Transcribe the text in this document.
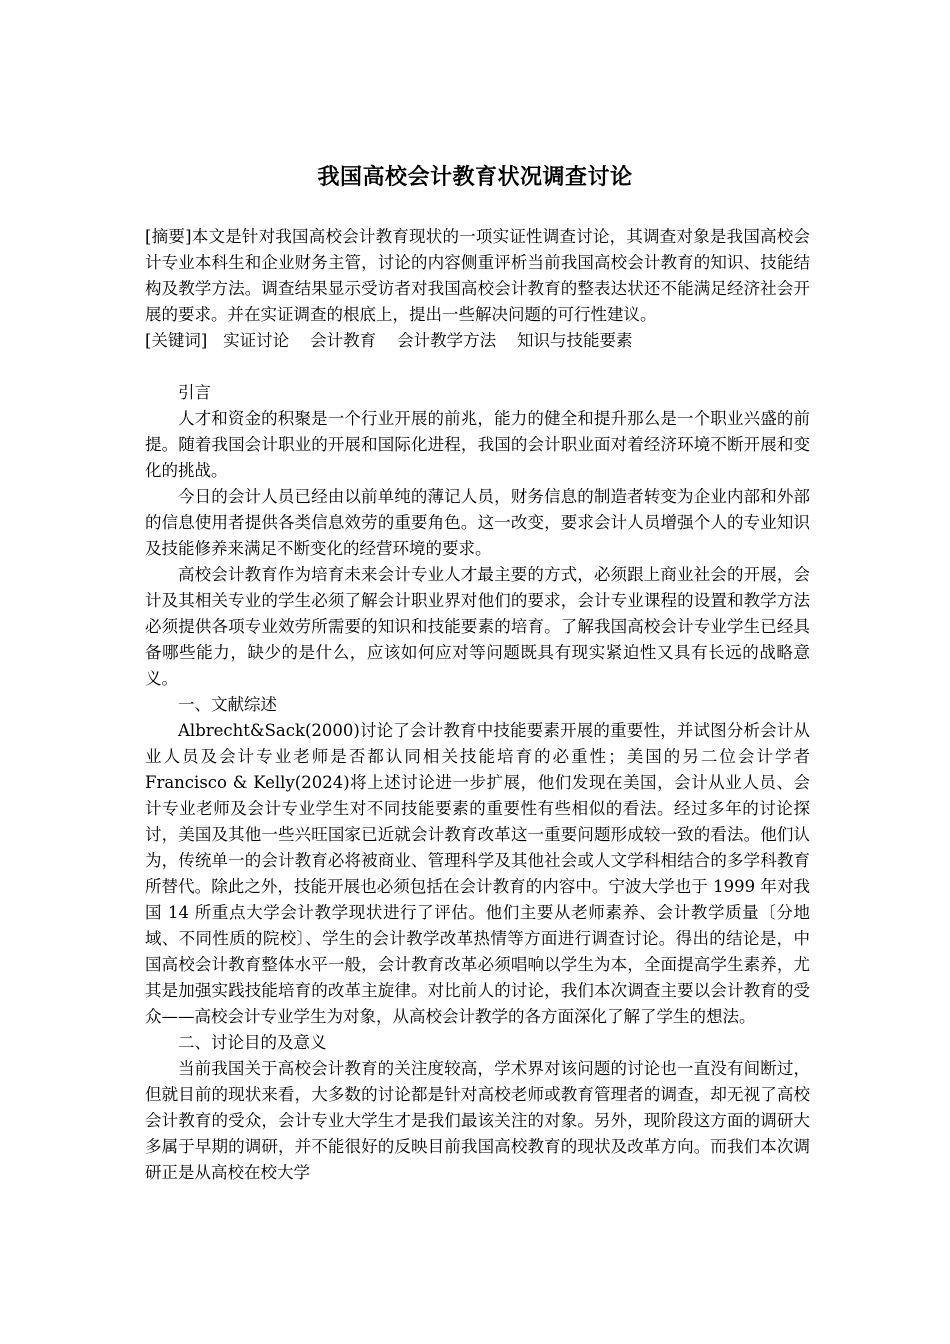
我国高校会计教育状况调查讨论

[摘要]本文是针对我国高校会计教育现状的一项实证性调查讨论，其调查对象是我国高校会计专业本科生和企业财务主管，讨论的内容侧重评析当前我国高校会计教育的知识、技能结构及教学方法。调查结果显示受访者对我国高校会计教育的整表达状还不能满足经济社会开展的要求。并在实证调查的根底上，提出一些解决问题的可行性建议。

[关键词]   实证讨论    会计教育    会计教学方法    知识与技能要素

引言

人才和资金的积聚是一个行业开展的前兆，能力的健全和提升那么是一个职业兴盛的前提。随着我国会计职业的开展和国际化进程，我国的会计职业面对着经济环境不断开展和变化的挑战。

今日的会计人员已经由以前单纯的薄记人员，财务信息的制造者转变为企业内部和外部的信息使用者提供各类信息效劳的重要角色。这一改变，要求会计人员增强个人的专业知识及技能修养来满足不断变化的经营环境的要求。

高校会计教育作为培育未来会计专业人才最主要的方式，必须跟上商业社会的开展，会计及其相关专业的学生必须了解会计职业界对他们的要求，会计专业课程的设置和教学方法必须提供各项专业效劳所需要的知识和技能要素的培育。了解我国高校会计专业学生已经具备哪些能力，缺少的是什么，应该如何应对等问题既具有现实紧迫性又具有长远的战略意义。

一、文献综述

Albrecht&Sack(2000)讨论了会计教育中技能要素开展的重要性，并试图分析会计从业人员及会计专业老师是否都认同相关技能培育的必重性；美国的另二位会计学者 Francisco & Kelly(2024)将上述讨论进一步扩展，他们发现在美国，会计从业人员、会计专业老师及会计专业学生对不同技能要素的重要性有些相似的看法。经过多年的讨论探讨，美国及其他一些兴旺国家已近就会计教育改革这一重要问题形成较一致的看法。他们认为，传统单一的会计教育必将被商业、管理科学及其他社会或人文学科相结合的多学科教育所替代。除此之外，技能开展也必须包括在会计教育的内容中。宁波大学也于 1999 年对我国 14 所重点大学会计教学现状进行了评估。他们主要从老师素养、会计教学质量〔分地域、不同性质的院校〕、学生的会计教学改革热情等方面进行调查讨论。得出的结论是，中国高校会计教育整体水平一般，会计教育改革必须唱响以学生为本，全面提高学生素养，尤其是加强实践技能培育的改革主旋律。对比前人的讨论，我们本次调查主要以会计教育的受众——高校会计专业学生为对象，从高校会计教学的各方面深化了解了学生的想法。

二、讨论目的及意义

当前我国关于高校会计教育的关注度较高，学术界对该问题的讨论也一直没有间断过，但就目前的现状来看，大多数的讨论都是针对高校老师或教育管理者的调查，却无视了高校会计教育的受众，会计专业大学生才是我们最该关注的对象。另外，现阶段这方面的调研大多属于早期的调研，并不能很好的反映目前我国高校教育的现状及改革方向。而我们本次调研正是从高校在校大学
